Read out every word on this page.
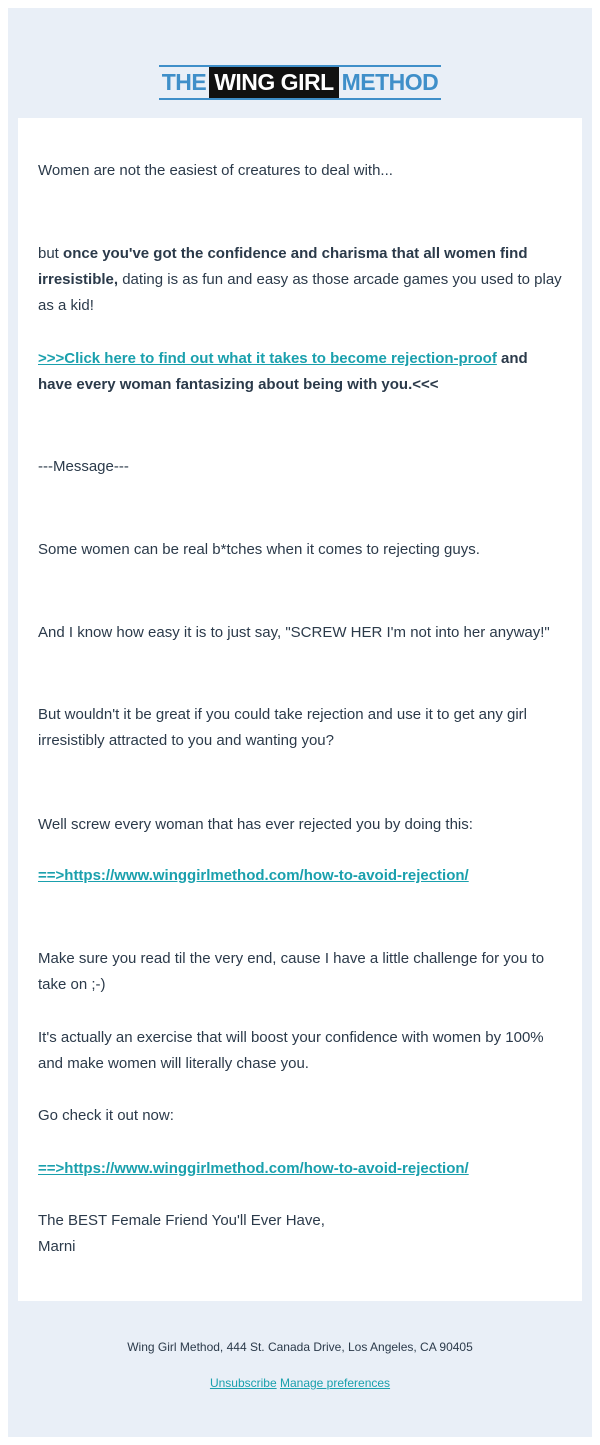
THE WING GIRL METHOD

Women are not the easiest of creatures to deal with...

but once you've got the confidence and charisma that all women find irresistible, dating is as fun and easy as those arcade games you used to play as a kid!

>>>Click here to find out what it takes to become rejection-proof and have every woman fantasizing about being with you.<<<

---Message---

Some women can be real b*tches when it comes to rejecting guys.

And I know how easy it is to just say, "SCREW HER I'm not into her anyway!"

But wouldn't it be great if you could take rejection and use it to get any girl irresistibly attracted to you and wanting you?

Well screw every woman that has ever rejected you by doing this:

==>https://www.winggirlmethod.com/how-to-avoid-rejection/

Make sure you read til the very end, cause I have a little challenge for you to take on ;-)

It's actually an exercise that will boost your confidence with women by 100% and make women will literally chase you.

Go check it out now:

==>https://www.winggirlmethod.com/how-to-avoid-rejection/

The BEST Female Friend You'll Ever Have,
Marni

Wing Girl Method, 444 St. Canada Drive, Los Angeles, CA 90405
Unsubscribe Manage preferences
